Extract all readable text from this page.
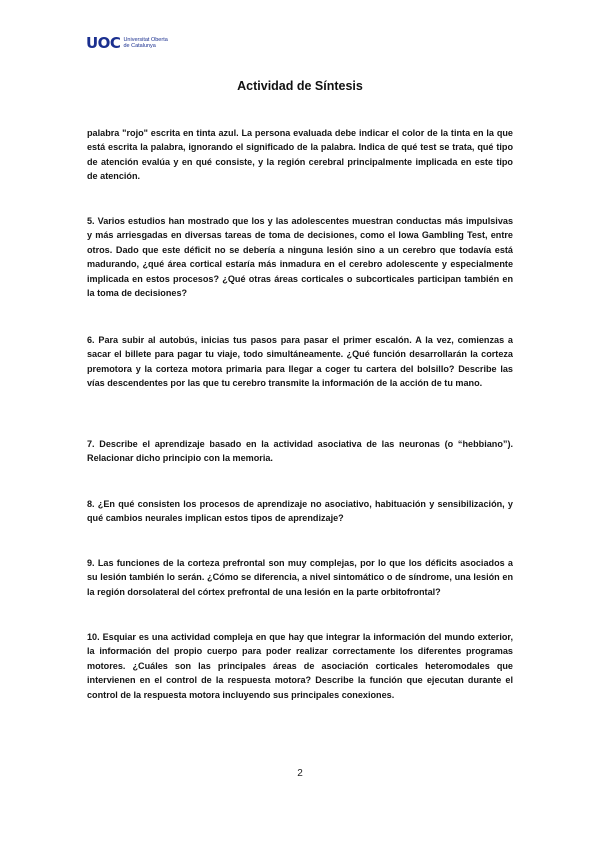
UOC Universitat Oberta
de Catalunya
Actividad de Síntesis

palabra "rojo" escrita en tinta azul. La persona evaluada debe indicar el color de la tinta en la que está escrita la palabra, ignorando el significado de la palabra. Indica de qué test se trata, qué tipo de atención evalúa y en qué consiste, y la región cerebral principalmente implicada en este tipo de atención.

5. Varios estudios han mostrado que los y las adolescentes muestran conductas más impulsivas y más arriesgadas en diversas tareas de toma de decisiones, como el Iowa Gambling Test, entre otros. Dado que este déficit no se debería a ninguna lesión sino a un cerebro que todavía está madurando, ¿qué área cortical estaría más inmadura en el cerebro adolescente y especialmente implicada en estos procesos? ¿Qué otras áreas corticales o subcorticales participan también en la toma de decisiones?

6. Para subir al autobús, inicias tus pasos para pasar el primer escalón. A la vez, comienzas a sacar el billete para pagar tu viaje, todo simultáneamente. ¿Qué función desarrollarán la corteza premotora y la corteza motora primaria para llegar a coger tu cartera del bolsillo? Describe las vías descendentes por las que tu cerebro transmite la información de la acción de tu mano.

7. Describe el aprendizaje basado en la actividad asociativa de las neuronas (o “hebbiano”). Relacionar dicho principio con la memoria.

8. ¿En qué consisten los procesos de aprendizaje no asociativo, habituación y sensibilización, y qué cambios neurales implican estos tipos de aprendizaje?

9. Las funciones de la corteza prefrontal son muy complejas, por lo que los déficits asociados a su lesión también lo serán. ¿Cómo se diferencia, a nivel sintomático o de síndrome, una lesión en la región dorsolateral del córtex prefrontal de una lesión en la parte orbitofrontal?

10. Esquiar es una actividad compleja en que hay que integrar la información del mundo exterior, la información del propio cuerpo para poder realizar correctamente los diferentes programas motores. ¿Cuáles son las principales áreas de asociación corticales heteromodales que intervienen en el control de la respuesta motora? Describe la función que ejecutan durante el control de la respuesta motora incluyendo sus principales conexiones.

2
